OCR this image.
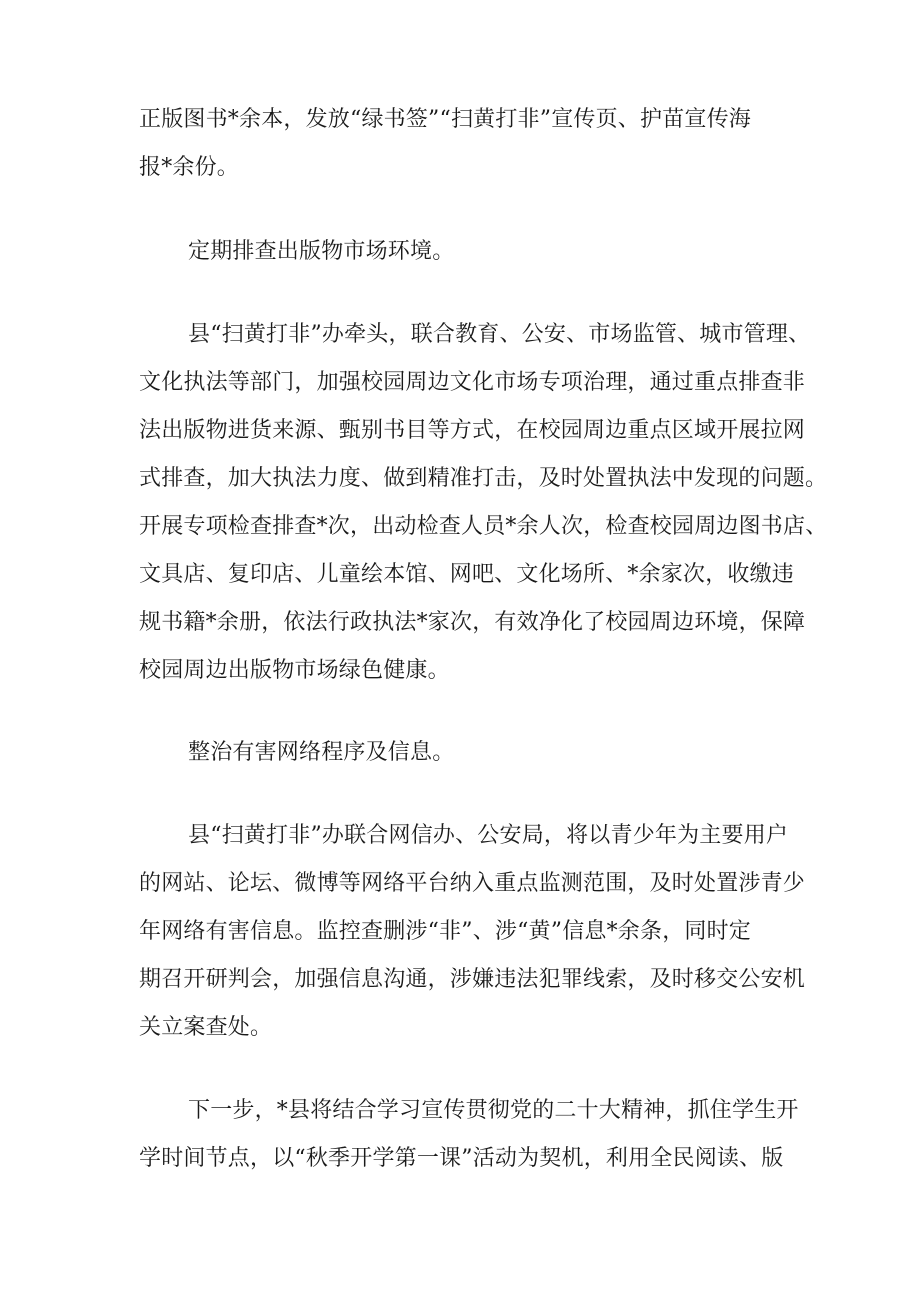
正版图书*余本，发放“绿书签”“扫黄打非”宣传页、护苗宣传海
报*余份。
定期排查出版物市场环境。
县“扫黄打非”办牵头，联合教育、公安、市场监管、城市管理、
文化执法等部门，加强校园周边文化市场专项治理，通过重点排查非
法出版物进货来源、甄别书目等方式，在校园周边重点区域开展拉网
式排查，加大执法力度、做到精准打击，及时处置执法中发现的问题。
开展专项检查排查*次，出动检查人员*余人次，检查校园周边图书店、
文具店、复印店、儿童绘本馆、网吧、文化场所、*余家次，收缴违
规书籍*余册，依法行政执法*家次，有效净化了校园周边环境，保障
校园周边出版物市场绿色健康。
整治有害网络程序及信息。
县“扫黄打非”办联合网信办、公安局，将以青少年为主要用户
的网站、论坛、微博等网络平台纳入重点监测范围，及时处置涉青少
年网络有害信息。监控查删涉“非”、涉“黄”信息*余条，同时定
期召开研判会，加强信息沟通，涉嫌违法犯罪线索，及时移交公安机
关立案查处。
下一步，*县将结合学习宣传贯彻党的二十大精神，抓住学生开
学时间节点，以“秋季开学第一课”活动为契机，利用全民阅读、版
